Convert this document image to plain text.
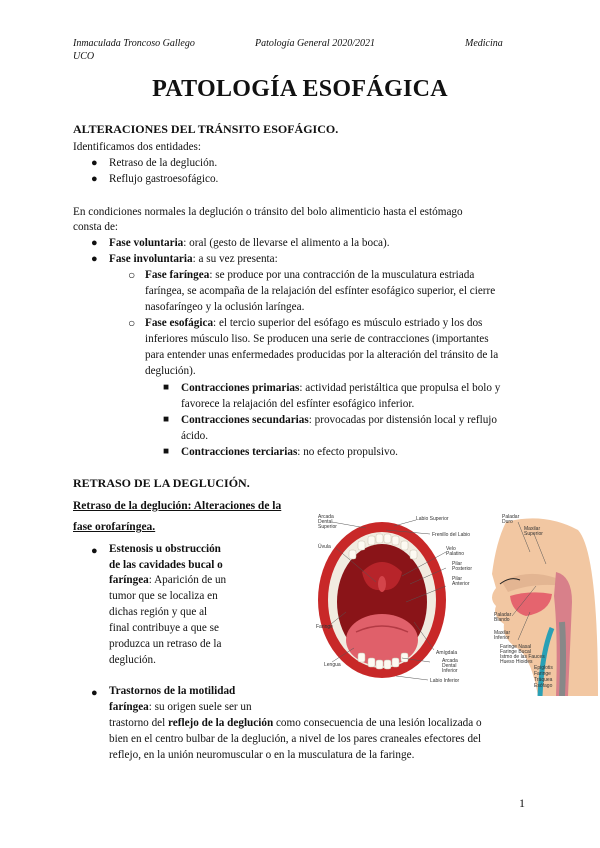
Inmaculada Troncoso Gallego
UCO
Patología General 2020/2021	Medicina
PATOLOGÍA ESOFÁGICA
ALTERACIONES DEL TRÁNSITO ESOFÁGICO.
Identificamos dos entidades:
● Retraso de la deglución.
● Reflujo gastroesofágico.
En condiciones normales la deglución o tránsito del bolo alimenticio hasta el estómago
consta de:
● Fase voluntaria: oral (gesto de llevarse el alimento a la boca).
● Fase involuntaria: a su vez presenta:
○ Fase faríngea: se produce por una contracción de la musculatura estriada
faríngea, se acompaña de la relajación del esfínter esofágico superior, el cierre
nasofaríngeo y la oclusión laríngea.
○ Fase esofágica: el tercio superior del esófago es músculo estriado y los dos
inferiores músculo liso. Se producen una serie de contracciones (importantes
para entender unas enfermedades producidas por la alteración del tránsito de la
deglución).
■ Contracciones primarias: actividad peristáltica que propulsa el bolo y
favorece la relajación del esfínter esofágico inferior.
■ Contracciones secundarias: provocadas por distensión local y reflujo
ácido.
■ Contracciones terciarias: no efecto propulsivo.
RETRASO DE LA DEGLUCIÓN.
Retraso de la deglución: Alteraciones de la
fase orofaríngea.
● Estenosis u obstrucción
de las cavidades bucal o
faríngea: Aparición de un
tumor que se localiza en
dichas región y que al
final contribuye a que se
produzca un retraso de la
deglución.
● Trastornos de la motilidad
faríngea: su origen suele ser un
trastorno del reflejo de la deglución como consecuencia de una lesión localizada o
bien en el centro bulbar de la deglución, a nivel de los pares craneales efectores del
reflejo, en la unión neuromuscular o en la musculatura de la faringe.
Arcada
Dental
Superior
Labio Superior
Frenillo del Labio
Úvula	Velo
Palatino
Pilar
Posterior
Pilar
Anterior
Faringe
Amígdala
Arcada
Dental
Inferior
Lengua
Labio Inferior
Paladar
Duro
Maxilar
Superior
Paladar
Blando
Maxilar
Inferior
Faringe Nasal
Faringe Bucal
Istmo de las Fauces
Hueso Hioides
Epiglotis
Faringe
Tráquea
Esófago
1
